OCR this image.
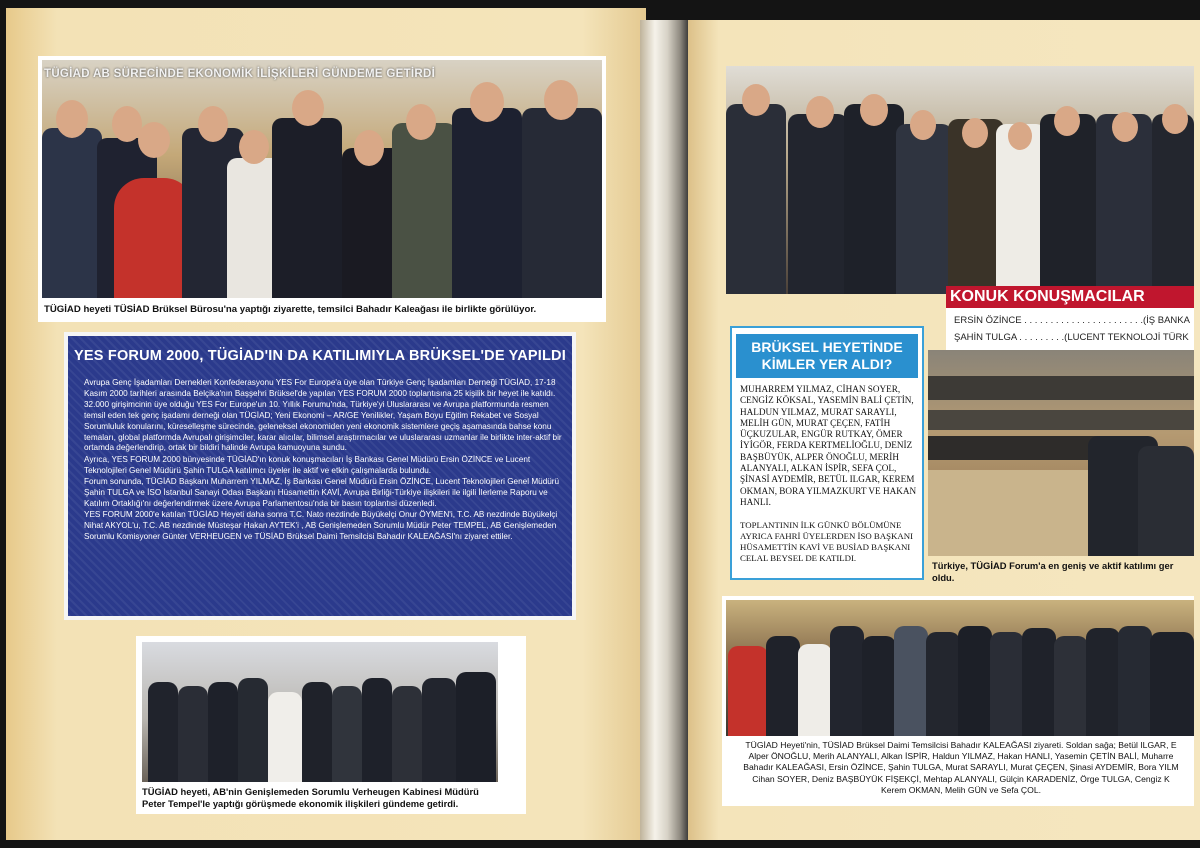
TÜGİAD AB SÜRECİNDE EKONOMİK İLİŞKİLERİ GÜNDEME GETİRDİ
TÜGİAD heyeti TÜSİAD Brüksel Bürosu'na yaptığı ziyarette, temsilci Bahadır Kaleağası ile birlikte görülüyor.
YES FORUM 2000, TÜGİAD'IN DA KATILIMIYLA BRÜKSEL'DE YAPILDI

Avrupa Genç İşadamları Dernekleri Konfederasyonu YES For Europe'a üye olan Türkiye Genç İşadamları Derneği TÜGİAD, 17-18 Kasım 2000 tarihleri arasında Belçika'nın Başşehri Brüksel'de yapılan YES FORUM 2000 toplantısına 25 kişilik bir heyet ile katıldı.

32.000 girişimcinin üye olduğu YES For Europe'un 10. Yıllık Forumu'nda, Türkiye'yi Uluslararası ve Avrupa platformunda resmen temsil eden tek genç işadamı derneği olan TÜGİAD; Yeni Ekonomi – AR/GE Yenilikler, Yaşam Boyu Eğitim Rekabet ve Sosyal Sorumluluk konularını, küreselleşme sürecinde, geleneksel ekonomiden yeni ekonomik sistemlere geçiş aşamasında bahse konu temaları, global platformda Avrupalı girişimciler, karar alıcılar, bilimsel araştırmacılar ve uluslararası uzmanlar ile birlikte inter-aktif bir ortamda değerlendirip, ortak bir bildiri halinde Avrupa kamuoyuna sundu.

Ayrıca, YES FORUM 2000 bünyesinde TÜGİAD'ın konuk konuşmacıları İş Bankası Genel Müdürü Ersin ÖZİNCE ve Lucent Teknolojileri Genel Müdürü Şahin TULGA katılımcı üyeler ile aktif ve etkin çalışmalarda bulundu.

Forum sonunda, TÜGİAD Başkanı Muharrem YILMAZ, İş Bankası Genel Müdürü Ersin ÖZİNCE, Lucent Teknolojileri Genel Müdürü Şahin TULGA ve İSO İstanbul Sanayi Odası Başkanı Hüsamettin KAVİ, Avrupa Birliği-Türkiye ilişkileri ile ilgili İlerleme Raporu ve Katılım Ortaklığı'nı değerlendirmek üzere Avrupa Parlamentosu'nda bir basın toplantısi düzenledi.

YES FORUM 2000'e katılan TÜGİAD Heyeti daha sonra T.C. Nato nezdinde Büyükelçi Onur ÖYMEN'i, T.C. AB nezdinde Büyükelçi Nihat AKYOL'u, T.C. AB nezdinde Müsteşar Hakan AYTEK'i , AB Genişlemeden Sorumlu Müdür Peter TEMPEL, AB Genişlemeden Sorumlu Komisyoner Günter VERHEUGEN ve TÜSİAD Brüksel Daimi Temsilcisi Bahadır KALEAĞASI'nı ziyaret ettiler.

TÜGİAD heyeti, AB'nin Genişlemeden Sorumlu Verheugen Kabinesi Müdürü
Peter Tempel'le yaptığı görüşmede ekonomik ilişkileri gündeme getirdi.
KONUK KONUŞMACILAR
ERSİN ÖZİNCE . . . . . . . . . . . . . . . . . . . . . . .(İŞ BANKA
ŞAHİN TULGA . . . . . . . . .(LUCENT TEKNOLOJİ TÜRK
BRÜKSEL HEYETİNDE
KİMLER YER ALDI?
MUHARREM YILMAZ, CİHAN SOYER, CENGİZ KÖKSAL, YASEMİN BALİ ÇETİN, HALDUN YILMAZ, MURAT SARAYLI, MELİH GÜN, MURAT ÇEÇEN, FATİH ÜÇKUZULAR, ENGÜR RUTKAY, ÖMER İYİGÖR, FERDA KERTMELİOĞLU, DENİZ BAŞBÜYÜK, ALPER ÖNOĞLU, MERİH ALANYALI, ALKAN İSPİR, SEFA ÇOL, ŞİNASİ AYDEMİR, BETÜL ILGAR, KEREM OKMAN, BORA YILMAZKURT VE HAKAN HANLI.
TOPLANTININ İLK GÜNKÜ BÖLÜMÜNE AYRICA FAHRİ ÜYELERDEN İSO BAŞKANI HÜSAMETTİN KAVİ VE BUSİAD BAŞKANI CELAL BEYSEL DE KATILDI.
Türkiye, TÜGİAD Forum'a en geniş ve aktif katılımı ger
oldu.
TÜGİAD Heyeti'nin, TÜSİAD Brüksel Daimi Temsilcisi Bahadır KALEAĞASI ziyareti. Soldan sağa; Betül ILGAR, E
Alper ÖNOĞLU, Merih ALANYALI, Alkan İSPİR, Haldun YILMAZ, Hakan HANLI, Yasemin ÇETİN BALİ, Muharre
Bahadır KALEAĞASI, Ersin ÖZİNCE, Şahin TULGA, Murat SARAYLI, Murat ÇEÇEN, Şinasi AYDEMİR, Bora YILM
Cihan SOYER, Deniz BAŞBÜYÜK FİŞEKÇİ, Mehtap ALANYALI, Gülçin KARADENİZ, Örge TULGA, Cengiz K
Kerem OKMAN, Melih GÜN ve Sefa ÇOL.
